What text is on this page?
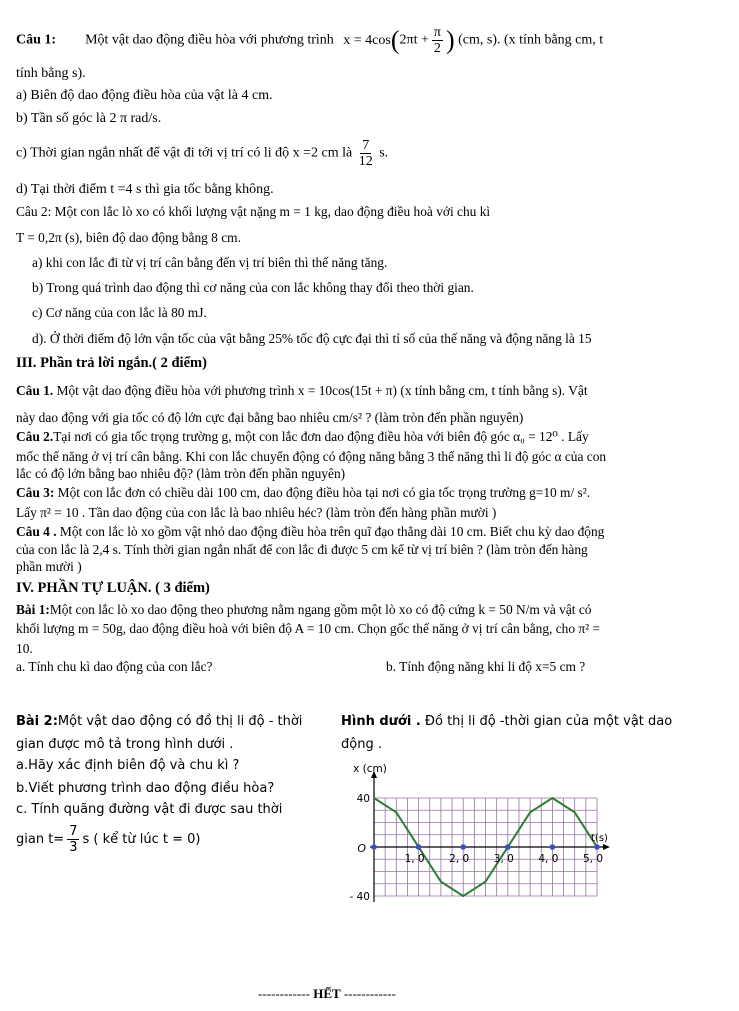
Câu 1: Một vật dao động điều hòa với phương trình $x = 4\cos(2\pi t + \frac{\pi}{2}$ ) (cm, s). (x tính bằng cm, t
tính bằng s).
a) Biên độ dao động điều hòa của vật là 4 cm.
b) Tần số góc là 2 π rad/s.
c) Thời gian ngắn nhất để vật đi tới vị trí có li độ x =2 cm là $\frac{7}{12} s$.
d) Tại thời điểm t =4 s thì gia tốc bằng không.
Câu 2: Một con lắc lò xo có khối lượng vật nặng m = 1 kg, dao động điều hoà với chu kì
T = 0,2π (s), biên độ dao động bằng 8 cm.
a) khi con lắc đi từ vị trí cân bằng đến vị trí biên thì thế năng tăng.
b) Trong quá trình dao động thì cơ năng của con lắc không thay đổi theo thời gian.
c) Cơ năng của con lắc là 80 mJ.
d). Ở thời điểm độ lớn vận tốc của vật bằng 25% tốc độ cực đại thì tỉ số của thế năng và động năng là 15
III. Phần trả lời ngắn.( 2 điểm)
Câu 1. Một vật dao động điều hòa với phương trình x = 10cos(15t + π) (x tính bằng cm, t tính bằng s). Vật
này dao động với gia tốc có độ lớn cực đại bằng bao nhiêu cm/s² ? (làm tròn đến phần nguyên)
Câu 2.Tại nơi có gia tốc trọng trường g, một con lắc đơn dao động điều hòa với biên độ góc α₀ = 12⁰ . Lấy
mốc thế năng ở vị trí cân bằng. Khi con lắc chuyển động có động năng bằng 3 thế năng thì li độ góc α của con
lắc có độ lớn bằng bao nhiêu độ? (làm tròn đến phần nguyên)
Câu 3: Một con lắc đơn có chiều dài 100 cm, dao động điều hòa tại nơi có gia tốc trọng trường g=10 m/ s².
Lấy π² = 10 . Tần dao động của con lắc là bao nhiêu héc? (làm tròn đến hàng phần mười )
Câu 4 . Một con lắc lò xo gồm vật nhỏ dao động điều hòa trên quĩ đạo thẳng dài 10 cm. Biết chu kỳ dao động
của con lắc là 2,4 s. Tính thời gian ngắn nhất để con lắc đi được 5 cm kể từ vị trí biên ? (làm tròn đến hàng
phần mười )
IV. PHẦN TỰ LUẬN. ( 3 điểm)
Bài 1:Một con lắc lò xo dao động theo phương nằm ngang gồm một lò xo có độ cứng k = 50 N/m và vật có
khối lượng m = 50g, dao động điều hoà với biên độ A = 10 cm. Chọn gốc thế năng ở vị trí cân bằng, cho π² =
10.
a. Tính chu kì dao động của con lắc?	b. Tính động năng khi li độ x=5 cm ?
Bài 2:Một vật dao động có đồ thị li độ - thời
gian được mô tả trong hình dưới .
a.Hãy xác định biên độ và chu kì ?
b.Viết phương trình dao động điều hòa?
c. Tính quãng đường vật đi được sau thời
gian $t= \frac{7}{3}$ s ( kể từ lúc t = 0)
Hình dưới . Đồ thị li độ -thời gian của một vật dao
động .
x (cm)
t(s)
40
O
- 40
1, 0 2, 0 3, 0 4, 0 5, 0
------------ HẾT ------------
